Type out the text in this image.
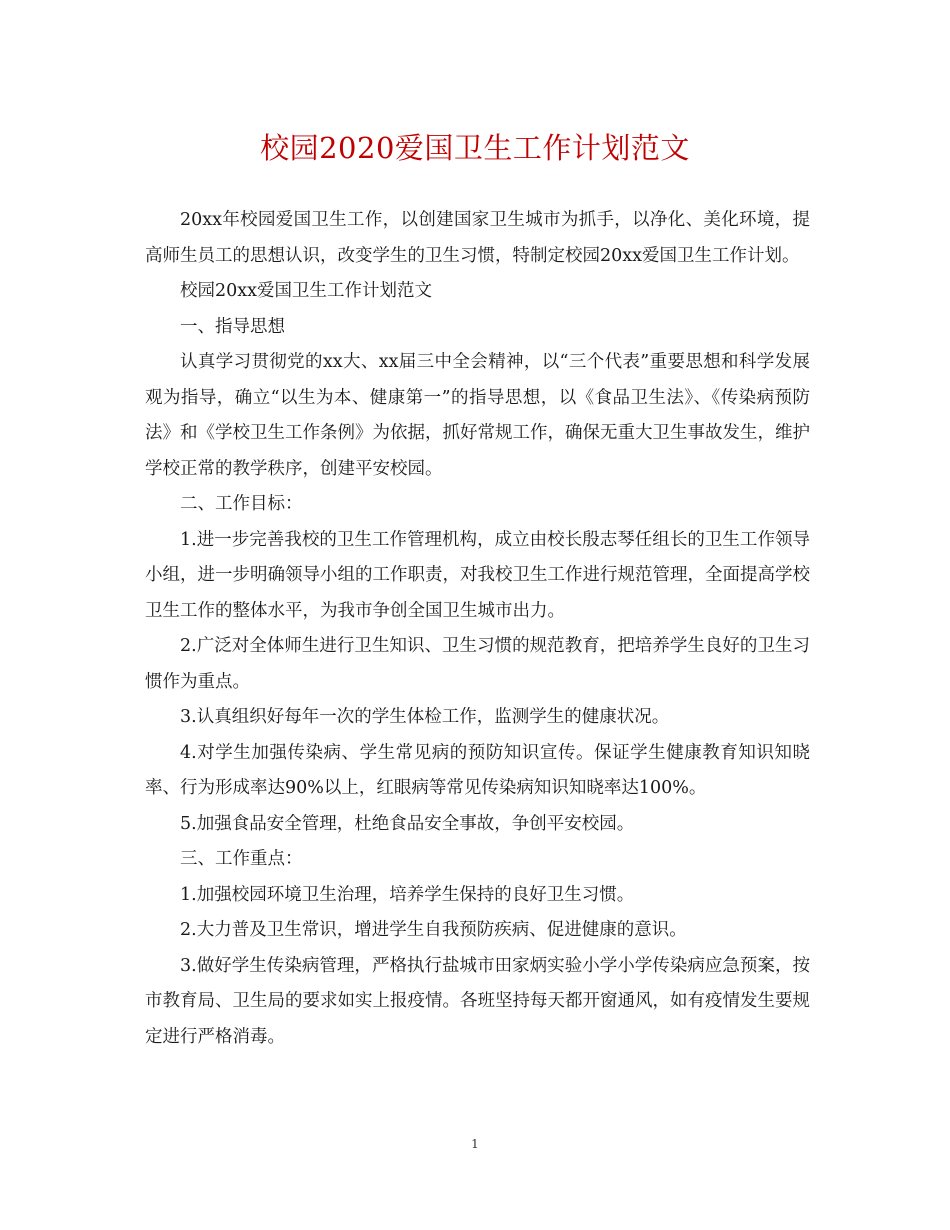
校园2020爱国卫生工作计划范文

20xx年校园爱国卫生工作，以创建国家卫生城市为抓手，以净化、美化环境，提高师生员工的思想认识，改变学生的卫生习惯，特制定校园20xx爱国卫生工作计划。

校园20xx爱国卫生工作计划范文

一、指导思想

认真学习贯彻党的xx大、xx届三中全会精神，以“三个代表”重要思想和科学发展观为指导，确立“以生为本、健康第一”的指导思想，以《食品卫生法》、《传染病预防法》和《学校卫生工作条例》为依据，抓好常规工作，确保无重大卫生事故发生，维护学校正常的教学秩序，创建平安校园。

二、工作目标：

1.进一步完善我校的卫生工作管理机构，成立由校长殷志琴任组长的卫生工作领导小组，进一步明确领导小组的工作职责，对我校卫生工作进行规范管理，全面提高学校卫生工作的整体水平，为我市争创全国卫生城市出力。

2.广泛对全体师生进行卫生知识、卫生习惯的规范教育，把培养学生良好的卫生习惯作为重点。

3.认真组织好每年一次的学生体检工作，监测学生的健康状况。

4.对学生加强传染病、学生常见病的预防知识宣传。保证学生健康教育知识知晓率、行为形成率达90%以上，红眼病等常见传染病知识知晓率达100%。

5.加强食品安全管理，杜绝食品安全事故，争创平安校园。

三、工作重点：

1.加强校园环境卫生治理，培养学生保持的良好卫生习惯。

2.大力普及卫生常识，增进学生自我预防疾病、促进健康的意识。

3.做好学生传染病管理，严格执行盐城市田家炳实验小学小学传染病应急预案，按市教育局、卫生局的要求如实上报疫情。各班坚持每天都开窗通风，如有疫情发生要规定进行严格消毒。

1
